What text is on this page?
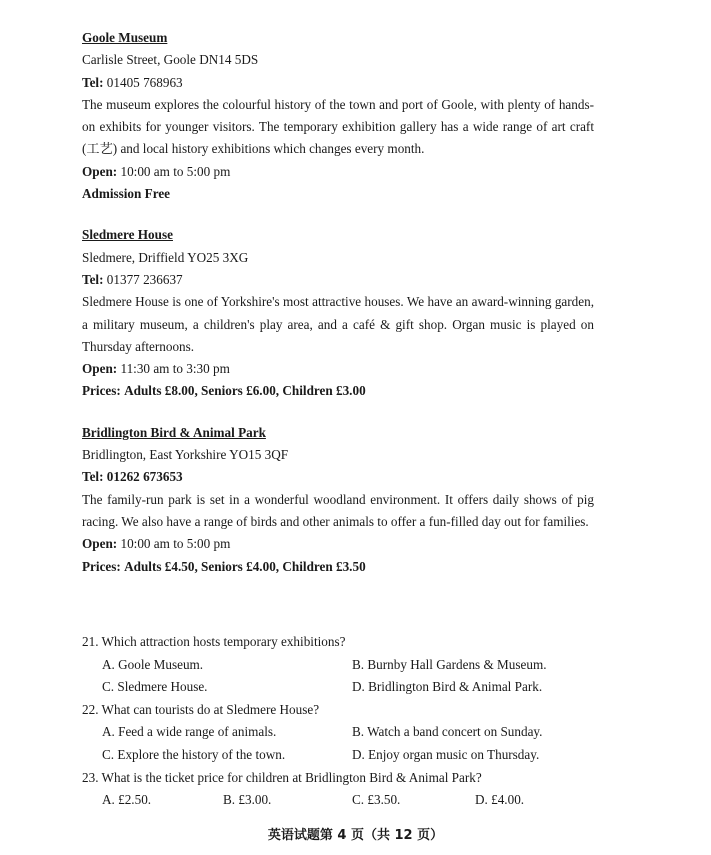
Goole Museum
Carlisle Street, Goole DN14 5DS
Tel: 01405 768963
The museum explores the colourful history of the town and port of Goole, with plenty of hands-on exhibits for younger visitors. The temporary exhibition gallery has a wide range of art craft (工艺) and local history exhibitions which changes every month.
Open: 10:00 am to 5:00 pm
Admission Free
Sledmere House
Sledmere, Driffield YO25 3XG
Tel: 01377 236637
Sledmere House is one of Yorkshire's most attractive houses. We have an award-winning garden, a military museum, a children's play area, and a café & gift shop. Organ music is played on Thursday afternoons.
Open: 11:30 am to 3:30 pm
Prices: Adults £8.00, Seniors £6.00, Children £3.00
Bridlington Bird & Animal Park
Bridlington, East Yorkshire YO15 3QF
Tel: 01262 673653
The family-run park is set in a wonderful woodland environment. It offers daily shows of pig racing. We also have a range of birds and other animals to offer a fun-filled day out for families.
Open: 10:00 am to 5:00 pm
Prices: Adults £4.50, Seniors £4.00, Children £3.50
21. Which attraction hosts temporary exhibitions?
A. Goole Museum.	B. Burnby Hall Gardens & Museum.
C. Sledmere House.	D. Bridlington Bird & Animal Park.
22. What can tourists do at Sledmere House?
A. Feed a wide range of animals.	B. Watch a band concert on Sunday.
C. Explore the history of the town.	D. Enjoy organ music on Thursday.
23. What is the ticket price for children at Bridlington Bird & Animal Park?
A. £2.50.	B. £3.00.	C. £3.50.	D. £4.00.
英语试题第 4 页（共 12 页）
